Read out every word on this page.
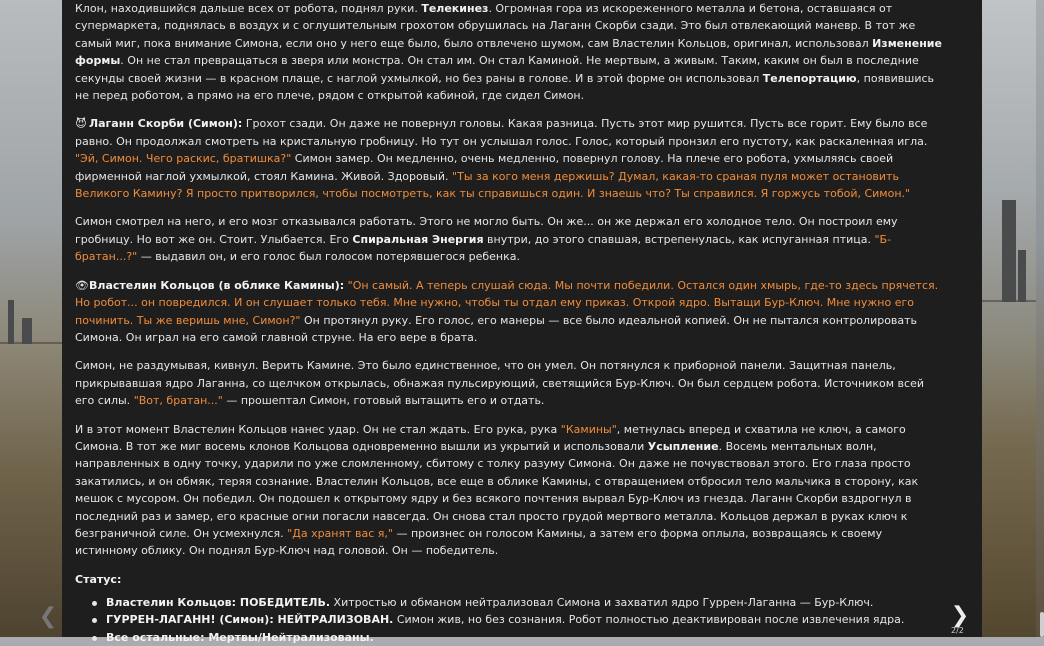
Клон, находившийся дальше всех от робота, поднял руки. Телекинез. Огромная гора из искореженного металла и бетона, оставшаяся от супермаркета, поднялась в воздух и с оглушительным грохотом обрушилась на Лаганн Скорби сзади. Это был отвлекающий маневр. В тот же самый миг, пока внимание Симона, если оно у него еще было, было отвлечено шумом, сам Властелин Кольцов, оригинал, использовал Изменение формы. Он не стал превращаться в зверя или монстра. Он стал им. Он стал Каминой. Не мертвым, а живым. Таким, каким он был в последние секунды своей жизни — в красном плаще, с наглой ухмылкой, но без раны в голове. И в этой форме он использовал Телепортацию, появившись не перед роботом, а прямо на его плече, рядом с открытой кабиной, где сидел Симон.

😈 Лаганн Скорби (Симон): Грохот сзади. Он даже не повернул головы. Какая разница. Пусть этот мир рушится. Пусть все горит. Ему было все равно. Он продолжал смотреть на кристальную гробницу. Но тут он услышал голос. Голос, который пронзил его пустоту, как раскаленная игла. "Эй, Симон. Чего раскис, братишка?" Симон замер. Он медленно, очень медленно, повернул голову. На плече его робота, ухмыляясь своей фирменной наглой ухмылкой, стоял Камина. Живой. Здоровый. "Ты за кого меня держишь? Думал, какая-то сраная пуля может остановить Великого Камину? Я просто притворился, чтобы посмотреть, как ты справишься один. И знаешь что? Ты справился. Я горжусь тобой, Симон."

Симон смотрел на него, и его мозг отказывался работать. Этого не могло быть. Он же... он же держал его холодное тело. Он построил ему гробницу. Но вот же он. Стоит. Улыбается. Его Спиральная Энергия внутри, до этого спавшая, встрепенулась, как испуганная птица. "Б-братан...?" — выдавил он, и его голос был голосом потерявшегося ребенка.

👁Властелин Кольцов (в облике Камины): "Он самый. А теперь слушай сюда. Мы почти победили. Остался один хмырь, где-то здесь прячется. Но робот... он повредился. И он слушает только тебя. Мне нужно, чтобы ты отдал ему приказ. Открой ядро. Вытащи Бур-Ключ. Мне нужно его починить. Ты же веришь мне, Симон?" Он протянул руку. Его голос, его манеры — все было идеальной копией. Он не пытался контролировать Симона. Он играл на его самой главной струне. На его вере в брата.

Симон, не раздумывая, кивнул. Верить Камине. Это было единственное, что он умел. Он потянулся к приборной панели. Защитная панель, прикрывавшая ядро Лаганна, со щелчком открылась, обнажая пульсирующий, светящийся Бур-Ключ. Он был сердцем робота. Источником всей его силы. "Вот, братан..." — прошептал Симон, готовый вытащить его и отдать.

И в этот момент Властелин Кольцов нанес удар. Он не стал ждать. Его рука, рука "Камины", метнулась вперед и схватила не ключ, а самого Симона. В тот же миг восемь клонов Кольцова одновременно вышли из укрытий и использовали Усыпление. Восемь ментальных волн, направленных в одну точку, ударили по уже сломленному, сбитому с толку разуму Симона. Он даже не почувствовал этого. Его глаза просто закатились, и он обмяк, теряя сознание. Властелин Кольцов, все еще в облике Камины, с отвращением отбросил тело мальчика в сторону, как мешок с мусором. Он победил. Он подошел к открытому ядру и без всякого почтения вырвал Бур-Ключ из гнезда. Лаганн Скорби вздрогнул в последний раз и замер, его красные огни погасли навсегда. Он снова стал просто грудой мертвого металла. Кольцов держал в руках ключ к безграничной силе. Он усмехнулся. "Да хранят вас я," — произнес он голосом Камины, а затем его форма оплыла, возвращаясь к своему истинному облику. Он поднял Бур-Ключ над головой. Он — победитель.

Статус:
Властелин Кольцов: ПОБЕДИТЕЛЬ. Хитростью и обманом нейтрализовал Симона и захватил ядро Гуррен-Лаганна — Бур-Ключ.
ГУРРЕН-ЛАГАНН! (Симон): НЕЙТРАЛИЗОВАН. Симон жив, но без сознания. Робот полностью деактивирован после извлечения ядра.
Все остальные: Мертвы/Нейтрализованы.
❮	❯
2/2
